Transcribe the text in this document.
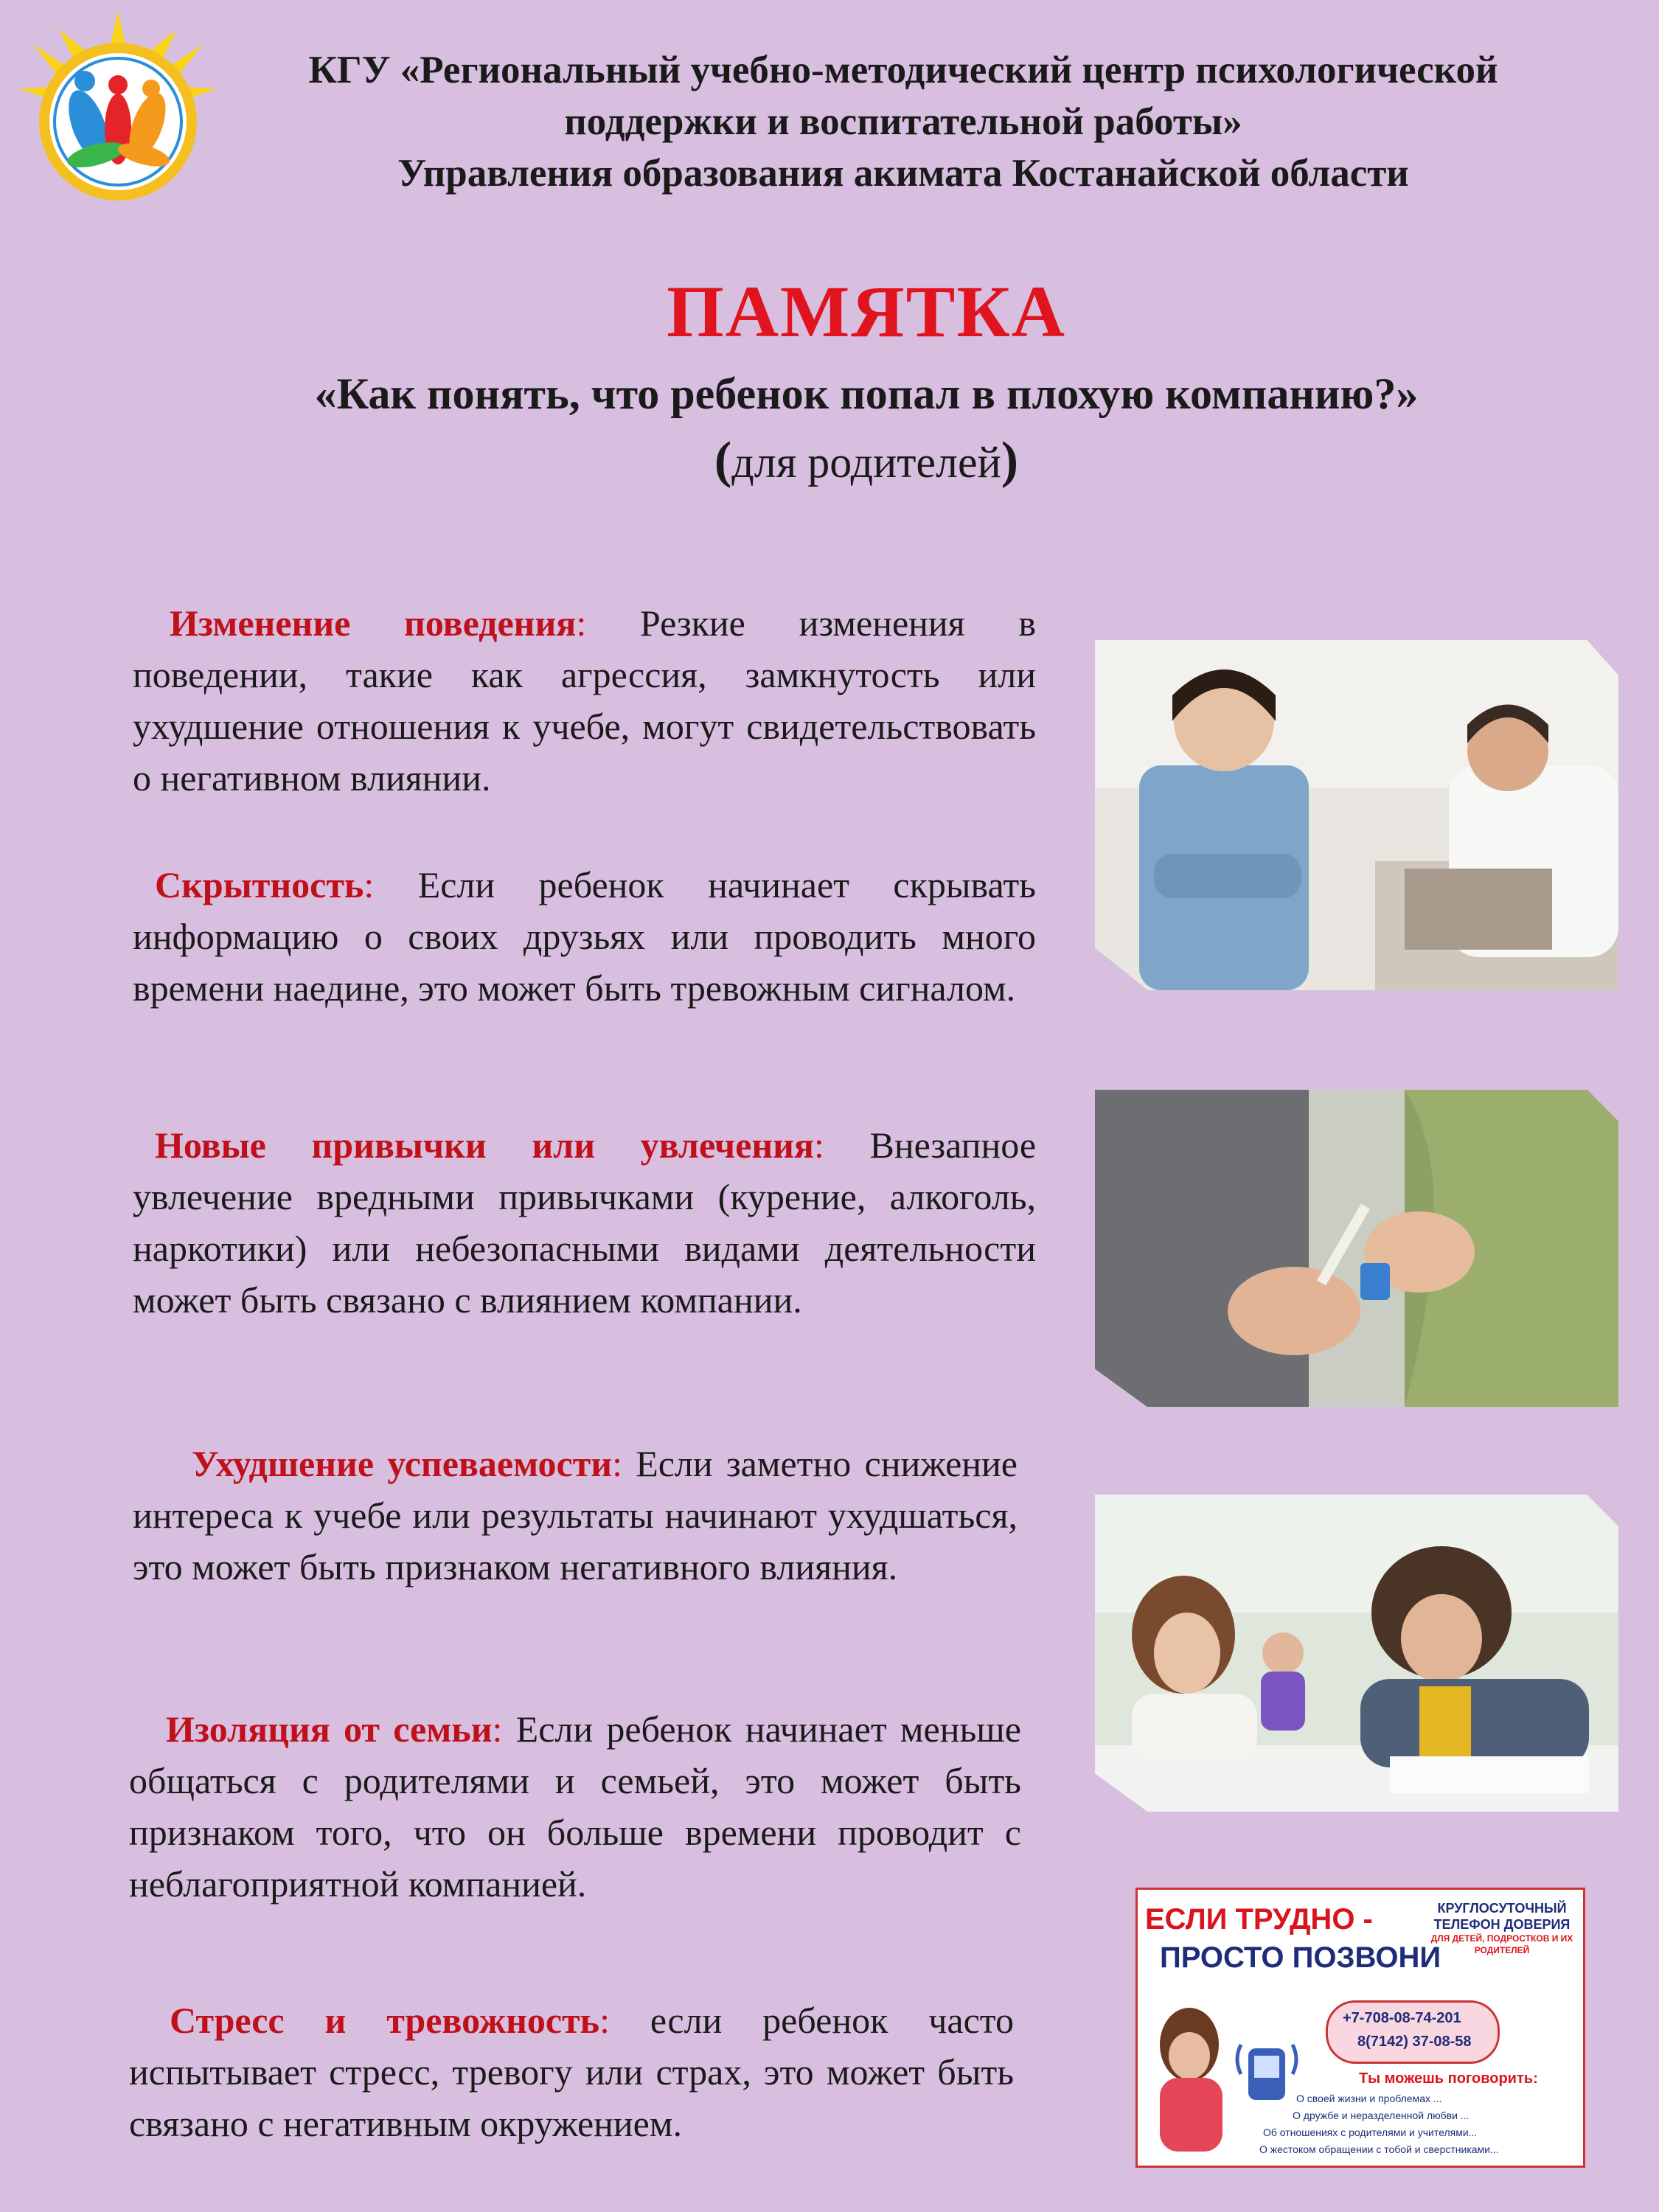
КГУ «Региональный учебно-методический центр психологической
поддержки и воспитательной работы»
Управления образования акимата Костанайской области
ПАМЯТКА
«Как понять, что ребенок попал в плохую компанию?»
(для родителей)
Изменение поведения: Резкие изменения в поведении, такие как агрессия, замкнутость или ухудшение отношения к учебе, могут свидетельствовать о негативном влиянии.
Скрытность: Если ребенок начинает скрывать информацию о своих друзьях или проводить много времени наедине, это может быть тревожным сигналом.
Новые привычки или увлечения: Внезапное увлечение вредными привычками (курение, алкоголь, наркотики) или небезопасными видами деятельности может быть связано с влиянием компании.
Ухудшение успеваемости: Если заметно снижение интереса к учебе или результаты начинают ухудшаться, это может быть признаком негативного влияния.
Изоляция от семьи: Если ребенок начинает меньше общаться с родителями и семьей, это может быть признаком того, что он больше времени проводит с неблагоприятной компанией.
Стресс и тревожность: если ребенок часто испытывает стресс, тревогу или страх, это может быть связано с негативным окружением.
ЕСЛИ ТРУДНО -
ПРОСТО ПОЗВОНИ
КРУГЛОСУТОЧНЫЙ
ТЕЛЕФОН ДОВЕРИЯ
ДЛЯ ДЕТЕЙ, ПОДРОСТКОВ И ИХ РОДИТЕЛЕЙ
+7-708-08-74-201
8(7142) 37-08-58
Ты можешь поговорить:
О своей жизни и проблемах ...
О дружбе и неразделенной любви ...
Об отношениях с родителями и учителями...
О жестоком обращении с тобой и сверстниками...
